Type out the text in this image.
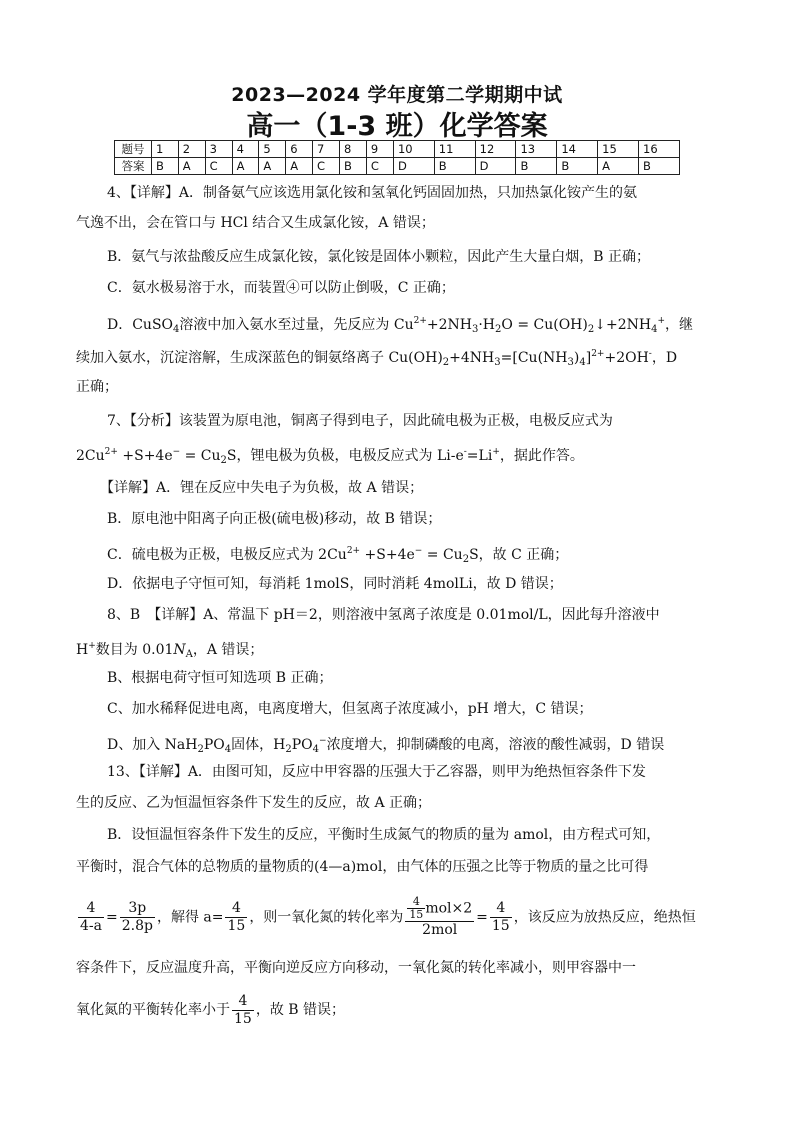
2023—2024 学年度第二学期期中试
高一（1-3 班）化学答案
题号	1	2	3	4	5	6	7	8	9	10	11	12	13	14	15	16
答案	B	A	C	A	A	A	C	B	C	D	B	D	B	B	A	B
4、【详解】A．制备氨气应该选用氯化铵和氢氧化钙固固加热，只加热氯化铵产生的氨
气逸不出，会在管口与 HCl 结合又生成氯化铵，A 错误；
B．氨气与浓盐酸反应生成氯化铵，氯化铵是固体小颗粒，因此产生大量白烟，B 正确；
C．氨水极易溶于水，而装置④可以防止倒吸，C 正确；
D．CuSO$_4$溶液中加入氨水至过量，先反应为 $Cu^{2+}+2NH_3\cdot H_2O$ = $Cu(OH)_2↓+2NH_4^+$，继
续加入氨水，沉淀溶解，生成深蓝色的铜氨络离子 $Cu(OH)_2+4NH_3=[Cu(NH_3)_4]^{2+}+2OH^-$，D
正确；
7、【分析】该装置为原电池，铜离子得到电子，因此硫电极为正极，电极反应式为
$2Cu^{2+} +S+4e^- = Cu_2S$，锂电极为负极，电极反应式为 Li-e-=Li+，据此作答。
【详解】A．锂在反应中失电子为负极，故 A 错误；
B．原电池中阳离子向正极(硫电极)移动，故 B 错误；
C．硫电极为正极，电极反应式为 $2Cu^{2+} +S+4e^- = Cu_2S$，故 C 正确；
D．依据电子守恒可知，每消耗 1molS，同时消耗 4molLi，故 D 错误；
8、B　【详解】A、常温下 pH＝2，则溶液中氢离子浓度是 0.01mol/L，因此每升溶液中
H+数目为 $0.01N_A$，A 错误；
B、根据电荷守恒可知选项 B 正确；
C、加水稀释促进电离，电离度增大，但氢离子浓度减小，pH 增大，C 错误；
D、加入 $NaH_2PO_4$固体，$H_2PO_4^-$浓度增大，抑制磷酸的电离，溶液的酸性减弱，D 错误
13、【详解】A．由图可知，反应中甲容器的压强大于乙容器，则甲为绝热恒容条件下发
生的反应、乙为恒温恒容条件下发生的反应，故 A 正确；
B．设恒温恒容条件下发生的反应，平衡时生成氮气的物质的量为 amol，由方程式可知，
平衡时，混合气体的总物质的量物质的(4—a)mol，由气体的压强之比等于物质的量之比可得
$\frac{4}{4-a} = \frac{3p}{2.8p}$ ，解得 $a= \frac{4}{15}$ ，则一氧化氮的转化率为 $\frac{\frac{4}{15} mol\times 2}{\text{2mol}} = \frac{4}{15}$ ，该反应为放热反应，绝热恒
容条件下，反应温度升高，平衡向逆反应方向移动，一氧化氮的转化率减小，则甲容器中一
氧化氮的平衡转化率小于 $\frac{4}{15}$ ，故 B 错误；
